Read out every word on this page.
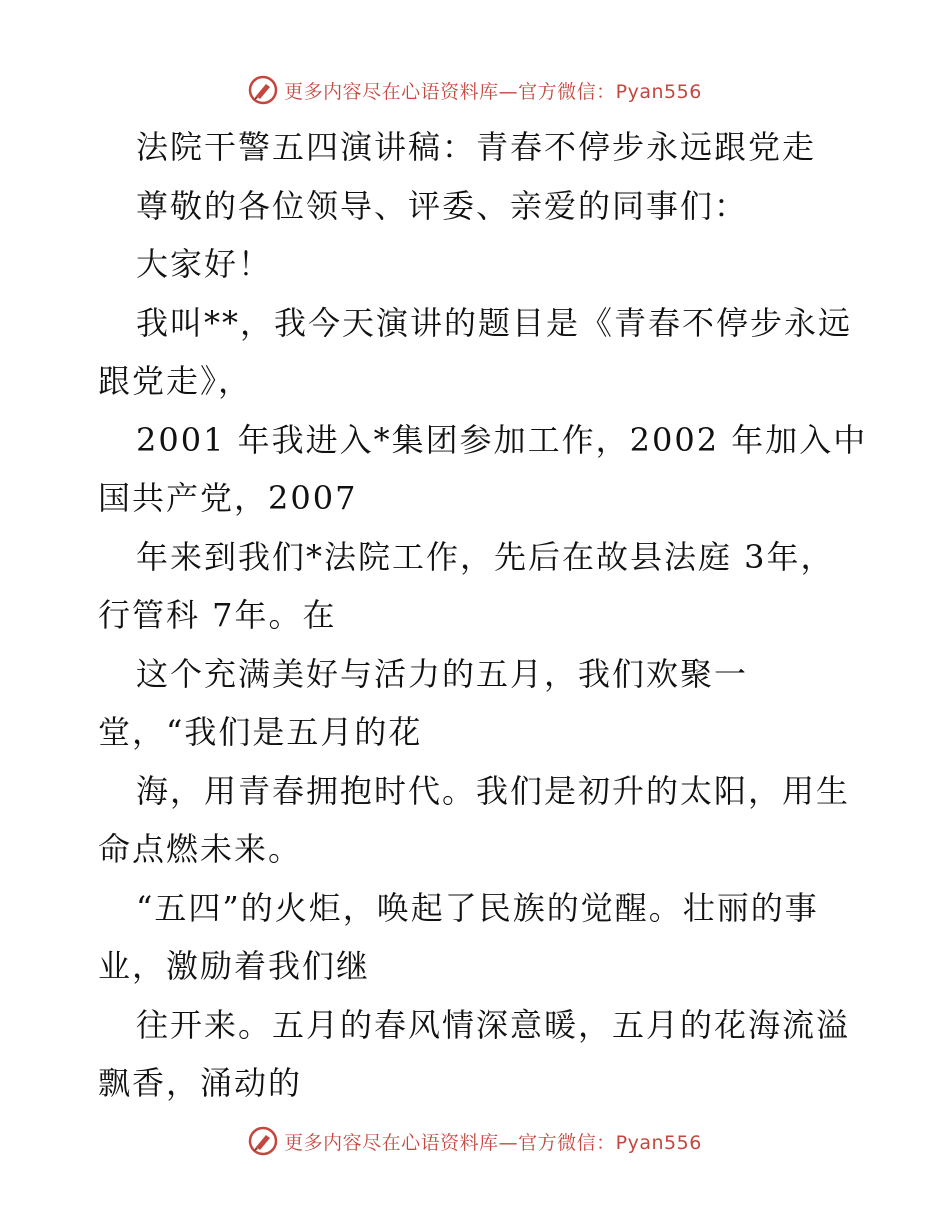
更多内容尽在心语资料库—官方微信：Pyan556
法院干警五四演讲稿：青春不停步永远跟党走
尊敬的各位领导、评委、亲爱的同事们：
大家好！
我叫**，我今天演讲的题目是《青春不停步永远
跟党走》，
2001 年我进入*集团参加工作，2002 年加入中
国共产党，2007
年来到我们*法院工作，先后在故县法庭 3年，
行管科 7年。在
这个充满美好与活力的五月，我们欢聚一
堂，“我们是五月的花
海，用青春拥抱时代。我们是初升的太阳，用生
命点燃未来。
“五四”的火炬，唤起了民族的觉醒。壮丽的事
业，激励着我们继
往开来。五月的春风情深意暖，五月的花海流溢
飘香，涌动的
更多内容尽在心语资料库—官方微信：Pyan556
